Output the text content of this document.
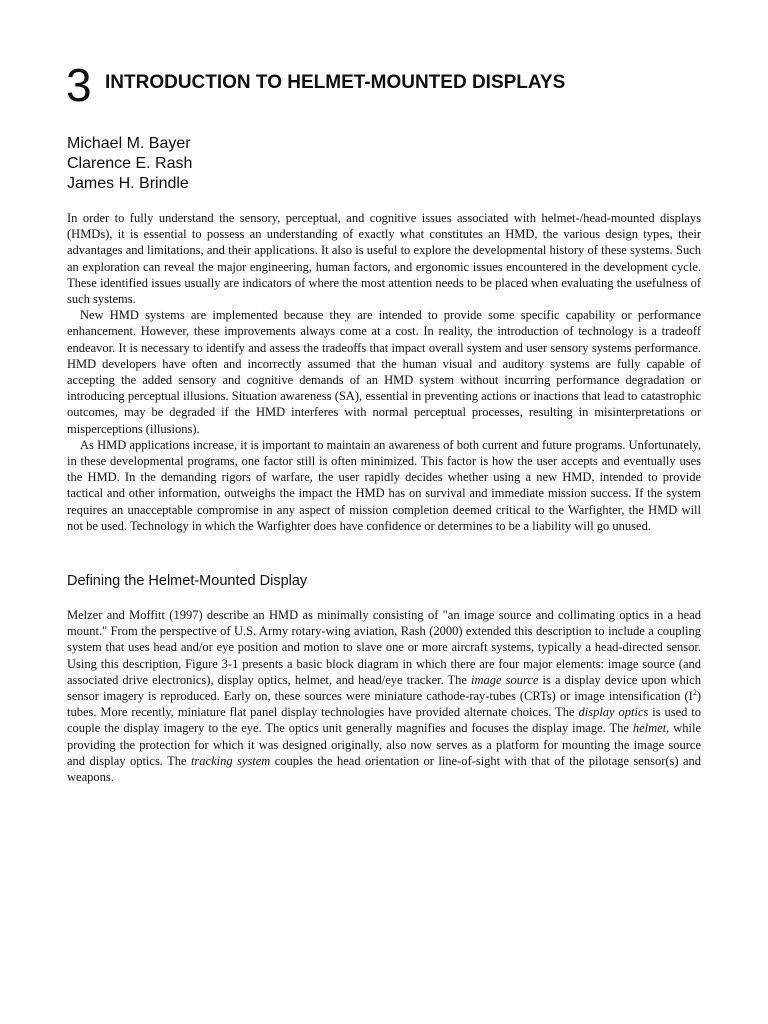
3 INTRODUCTION TO HELMET-MOUNTED DISPLAYS
Michael M. Bayer
Clarence E. Rash
James H. Brindle

In order to fully understand the sensory, perceptual, and cognitive issues associated with helmet-/head-mounted displays (HMDs), it is essential to possess an understanding of exactly what constitutes an HMD, the various design types, their advantages and limitations, and their applications. It also is useful to explore the developmental history of these systems. Such an exploration can reveal the major engineering, human factors, and ergonomic issues encountered in the development cycle. These identified issues usually are indicators of where the most attention needs to be placed when evaluating the usefulness of such systems.

New HMD systems are implemented because they are intended to provide some specific capability or performance enhancement. However, these improvements always come at a cost. In reality, the introduction of technology is a tradeoff endeavor. It is necessary to identify and assess the tradeoffs that impact overall system and user sensory systems performance. HMD developers have often and incorrectly assumed that the human visual and auditory systems are fully capable of accepting the added sensory and cognitive demands of an HMD system without incurring performance degradation or introducing perceptual illusions. Situation awareness (SA), essential in preventing actions or inactions that lead to catastrophic outcomes, may be degraded if the HMD interferes with normal perceptual processes, resulting in misinterpretations or misperceptions (illusions).

As HMD applications increase, it is important to maintain an awareness of both current and future programs. Unfortunately, in these developmental programs, one factor still is often minimized. This factor is how the user accepts and eventually uses the HMD. In the demanding rigors of warfare, the user rapidly decides whether using a new HMD, intended to provide tactical and other information, outweighs the impact the HMD has on survival and immediate mission success. If the system requires an unacceptable compromise in any aspect of mission completion deemed critical to the Warfighter, the HMD will not be used. Technology in which the Warfighter does have confidence or determines to be a liability will go unused.

Defining the Helmet-Mounted Display

Melzer and Moffitt (1997) describe an HMD as minimally consisting of "an image source and collimating optics in a head mount." From the perspective of U.S. Army rotary-wing aviation, Rash (2000) extended this description to include a coupling system that uses head and/or eye position and motion to slave one or more aircraft systems, typically a head-directed sensor. Using this description, Figure 3-1 presents a basic block diagram in which there are four major elements: image source (and associated drive electronics), display optics, helmet, and head/eye tracker. The image source is a display device upon which sensor imagery is reproduced. Early on, these sources were miniature cathode-ray-tubes (CRTs) or image intensification $(I^2)$ tubes. More recently, miniature flat panel display technologies have provided alternate choices. The display optics is used to couple the display imagery to the eye. The optics unit generally magnifies and focuses the display image. The helmet, while providing the protection for which it was designed originally, also now serves as a platform for mounting the image source and display optics. The tracking system couples the head orientation or line-of-sight with that of the pilotage sensor(s) and weapons.
